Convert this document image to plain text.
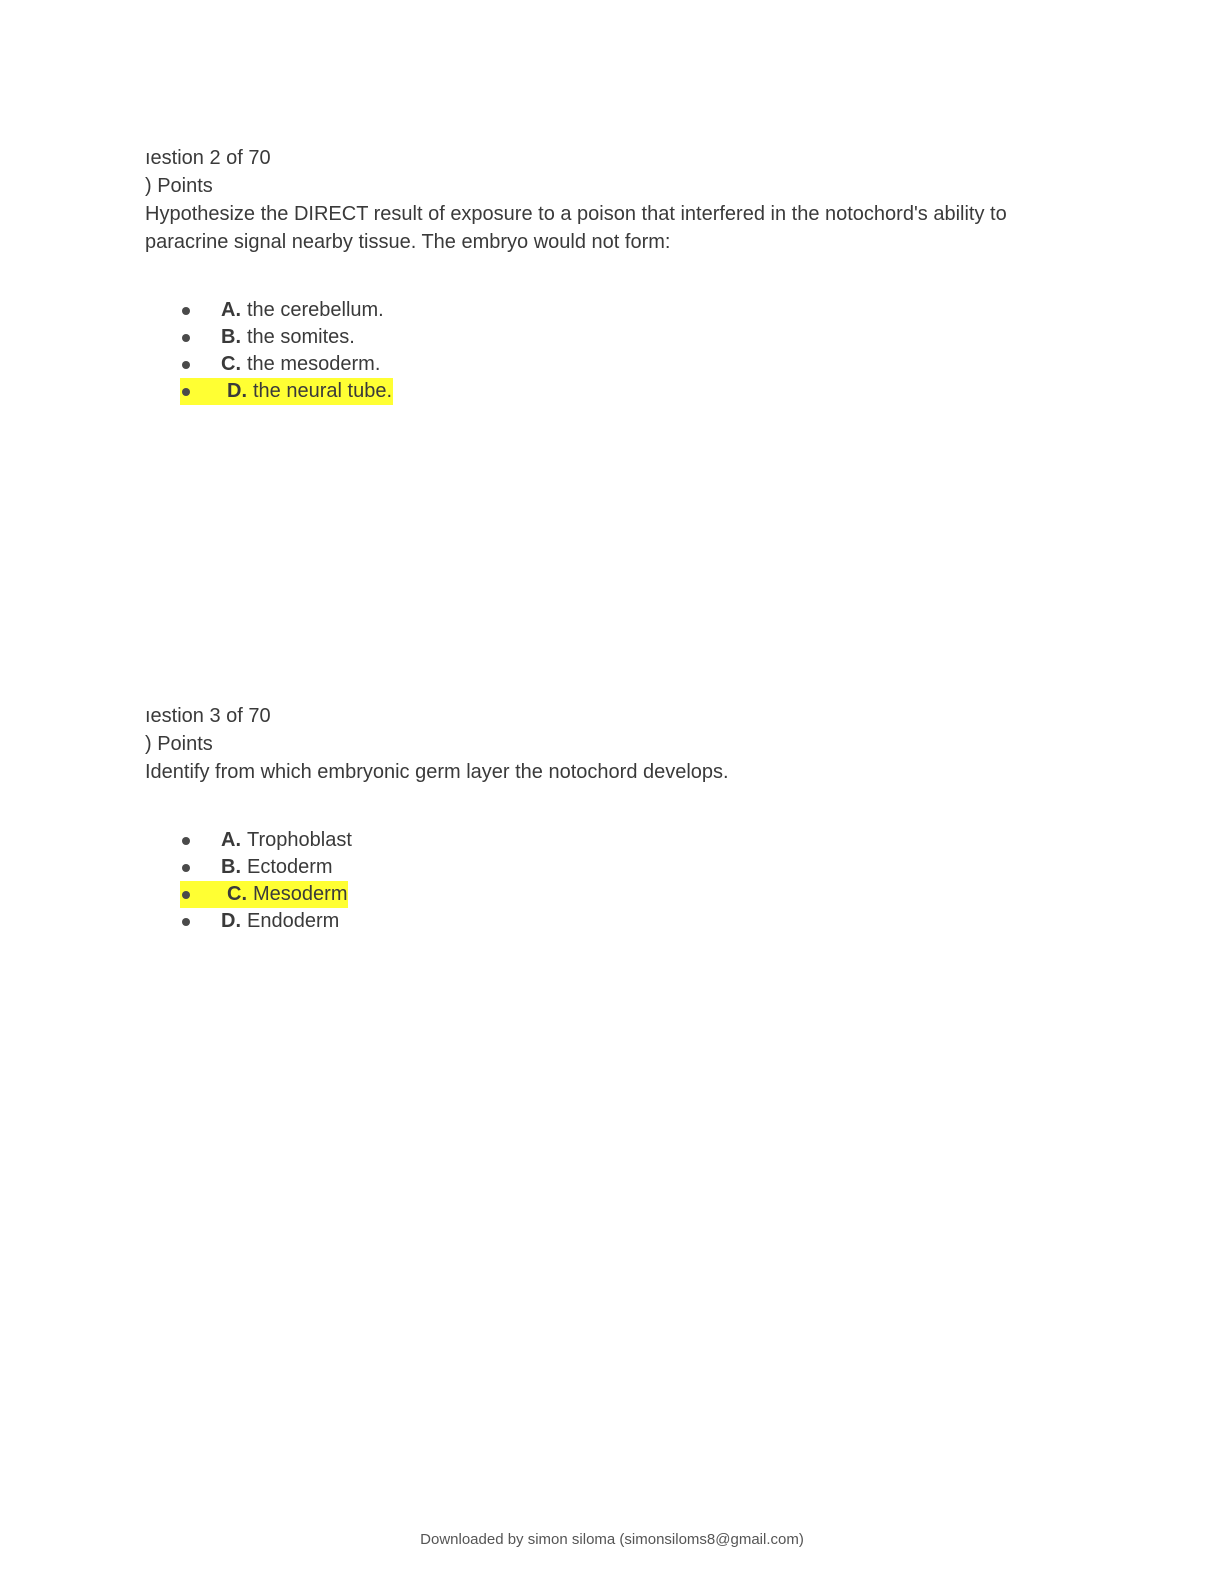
ıestion 2 of 70
) Points
Hypothesize the DIRECT result of exposure to a poison that interfered in the notochord's ability to paracrine signal nearby tissue. The embryo would not form:
A. the cerebellum.
B. the somites.
C. the mesoderm.
D. the neural tube.
ıestion 3 of 70
) Points
Identify from which embryonic germ layer the notochord develops.
A. Trophoblast
B. Ectoderm
C. Mesoderm
D. Endoderm
Downloaded by simon siloma (simonsiloms8@gmail.com)
